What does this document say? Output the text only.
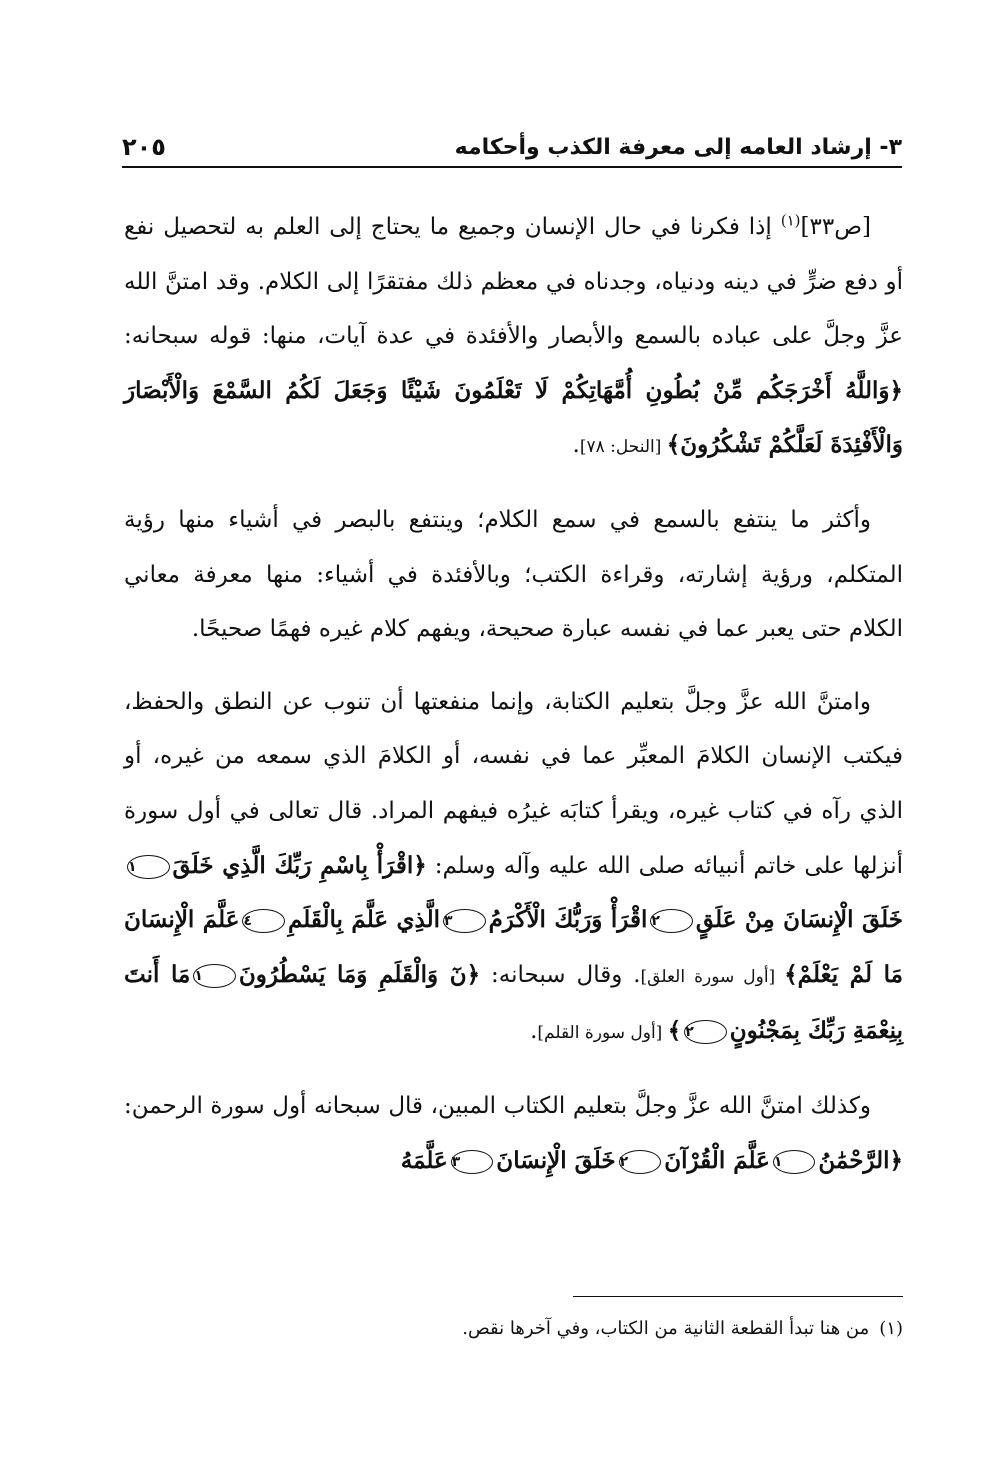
٣- إرشاد العامه إلى معرفة الكذب وأحكامه
٢٠٥

[ص٣٣]$^{(١)}$ إذا فكرنا في حال الإنسان وجميع ما يحتاج إلى العلم به لتحصيل نفع أو دفع ضرٍّ في دينه ودنياه، وجدناه في معظم ذلك مفتقرًا إلى الكلام. وقد امتنَّ الله عزَّ وجلَّ على عباده بالسمع والأبصار والأفئدة في عدة آيات، منها: قوله سبحانه: ﴿وَاللَّهُ أَخْرَجَكُم مِّنْ بُطُونِ أُمَّهَاتِكُمْ لَا تَعْلَمُونَ شَيْئًا وَجَعَلَ لَكُمُ السَّمْعَ وَالْأَبْصَارَ وَالْأَفْئِدَةَ لَعَلَّكُمْ تَشْكُرُونَ﴾ [النحل: ٧٨].

وأكثر ما ينتفع بالسمع في سمع الكلام؛ وينتفع بالبصر في أشياء منها رؤية المتكلم، ورؤية إشارته، وقراءة الكتب؛ وبالأفئدة في أشياء: منها معرفة معاني الكلام حتى يعبر عما في نفسه عبارة صحيحة، ويفهم كلام غيره فهمًا صحيحًا.

وامتنَّ الله عزَّ وجلَّ بتعليم الكتابة، وإنما منفعتها أن تنوب عن النطق والحفظ، فيكتب الإنسان الكلامَ المعبِّر عما في نفسه، أو الكلامَ الذي سمعه من غيره، أو الذي رآه في كتاب غيره، ويقرأ كتابَه غيرُه فيفهم المراد. قال تعالى في أول سورة أنزلها على خاتم أنبيائه صلى الله عليه وآله وسلم: ﴿اقْرَأْ بِاسْمِ رَبِّكَ الَّذِي خَلَقَ١خَلَقَ الْإِنسَانَ مِنْ عَلَقٍ٢اقْرَأْ وَرَبُّكَ الْأَكْرَمُ٣الَّذِي عَلَّمَ بِالْقَلَمِ٤عَلَّمَ الْإِنسَانَ مَا لَمْ يَعْلَمْ﴾ [أول سورة العلق]. وقال سبحانه: ﴿نٓ وَالْقَلَمِ وَمَا يَسْطُرُونَ١مَا أَنتَ بِنِعْمَةِ رَبِّكَ بِمَجْنُونٍ٢﴾ [أول سورة القلم].

وكذلك امتنَّ الله عزَّ وجلَّ بتعليم الكتاب المبين، قال سبحانه أول سورة الرحمن: ﴿الرَّحْمَٰنُ١عَلَّمَ الْقُرْآنَ٢خَلَقَ الْإِنسَانَ٣عَلَّمَهُ

(١)من هنا تبدأ القطعة الثانية من الكتاب، وفي آخرها نقص.
